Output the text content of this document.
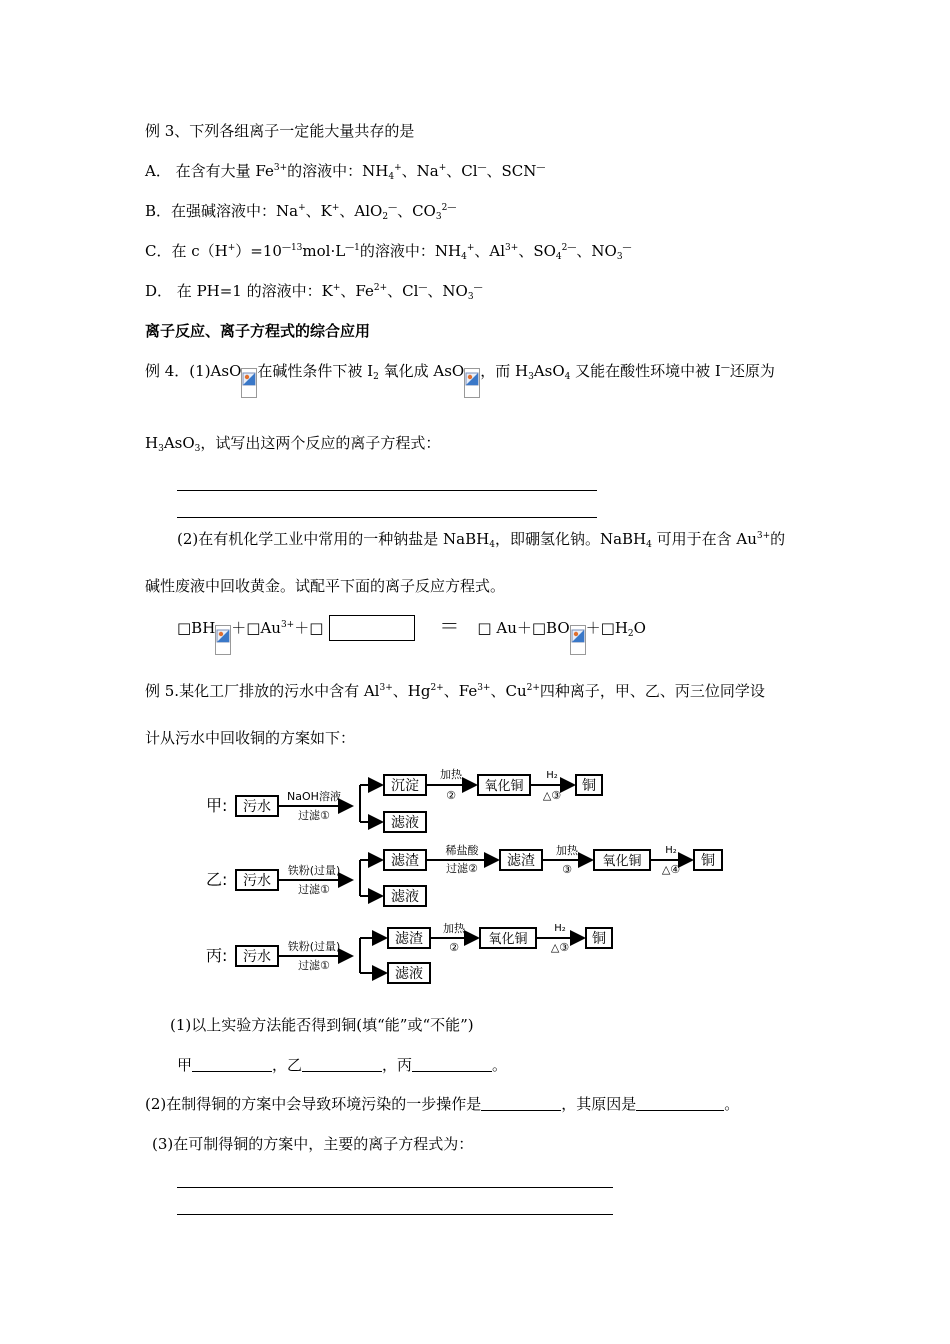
例 3、下列各组离子一定能大量共存的是
A． 在含有大量 $Fe^{3+}$的溶液中：$NH_4^+$、Na+、Cl—、SCN—
B．在强碱溶液中：Na+、K+、AlO$_2$—、$CO_3^{2—}$
C．在 $c(H^+)=10^{—13}mol\cdot L^{—1}$的溶液中：$NH_4^+$、$Al^{3+}$、$SO_4^{2—}$、$NO_3^—$
D． 在 PH=1 的溶液中：K+、$Fe^{2+}$、Cl—、$NO_3^—$
离子反应、离子方程式的综合应用
例 4．(1)AsO 在碱性条件下被 $I_2$ 氧化成 AsO ，而 $H_3AsO_4$ 又能在酸性环境中被 I—还原为
$H_3AsO_3$，试写出这两个反应的离子方程式：
(2)在有机化学工业中常用的一种钠盐是 NaBH$_4$，即硼氢化钠。NaBH$_4$ 可用于在含 $Au^{3+}$的
碱性废液中回收黄金。试配平下面的离子反应方程式。
□BH $+□Au^{3+}+□$	＝ □ Au＋□BO $+□H_2O$
例 5.某化工厂排放的污水中含有 $Al^{3+}$、$Hg^{2+}$、$Fe^{3+}$、$Cu^{2+}$四种离子，甲、乙、丙三位同学设
计从污水中回收铜的方案如下：
甲: 污水
NaOH溶液
过滤①
沉淀
滤液
加热
②
氧化铜
H₂
△③
铜
乙: 污水
铁粉(过量)
过滤①
滤渣
滤液
稀盐酸
过滤② 滤渣
加热
③
氧化铜
H₂
△④
铜
丙: 污水
铁粉(过量)
过滤①
滤渣
滤液
加热
②
氧化铜
H₂
△③
铜
(1)以上实验方法能否得到铜(填“能”或“不能”)
甲	，乙	，丙	。
(2)在制得铜的方案中会导致环境污染的一步操作是	，其原因是	。
(3)在可制得铜的方案中，主要的离子方程式为：
